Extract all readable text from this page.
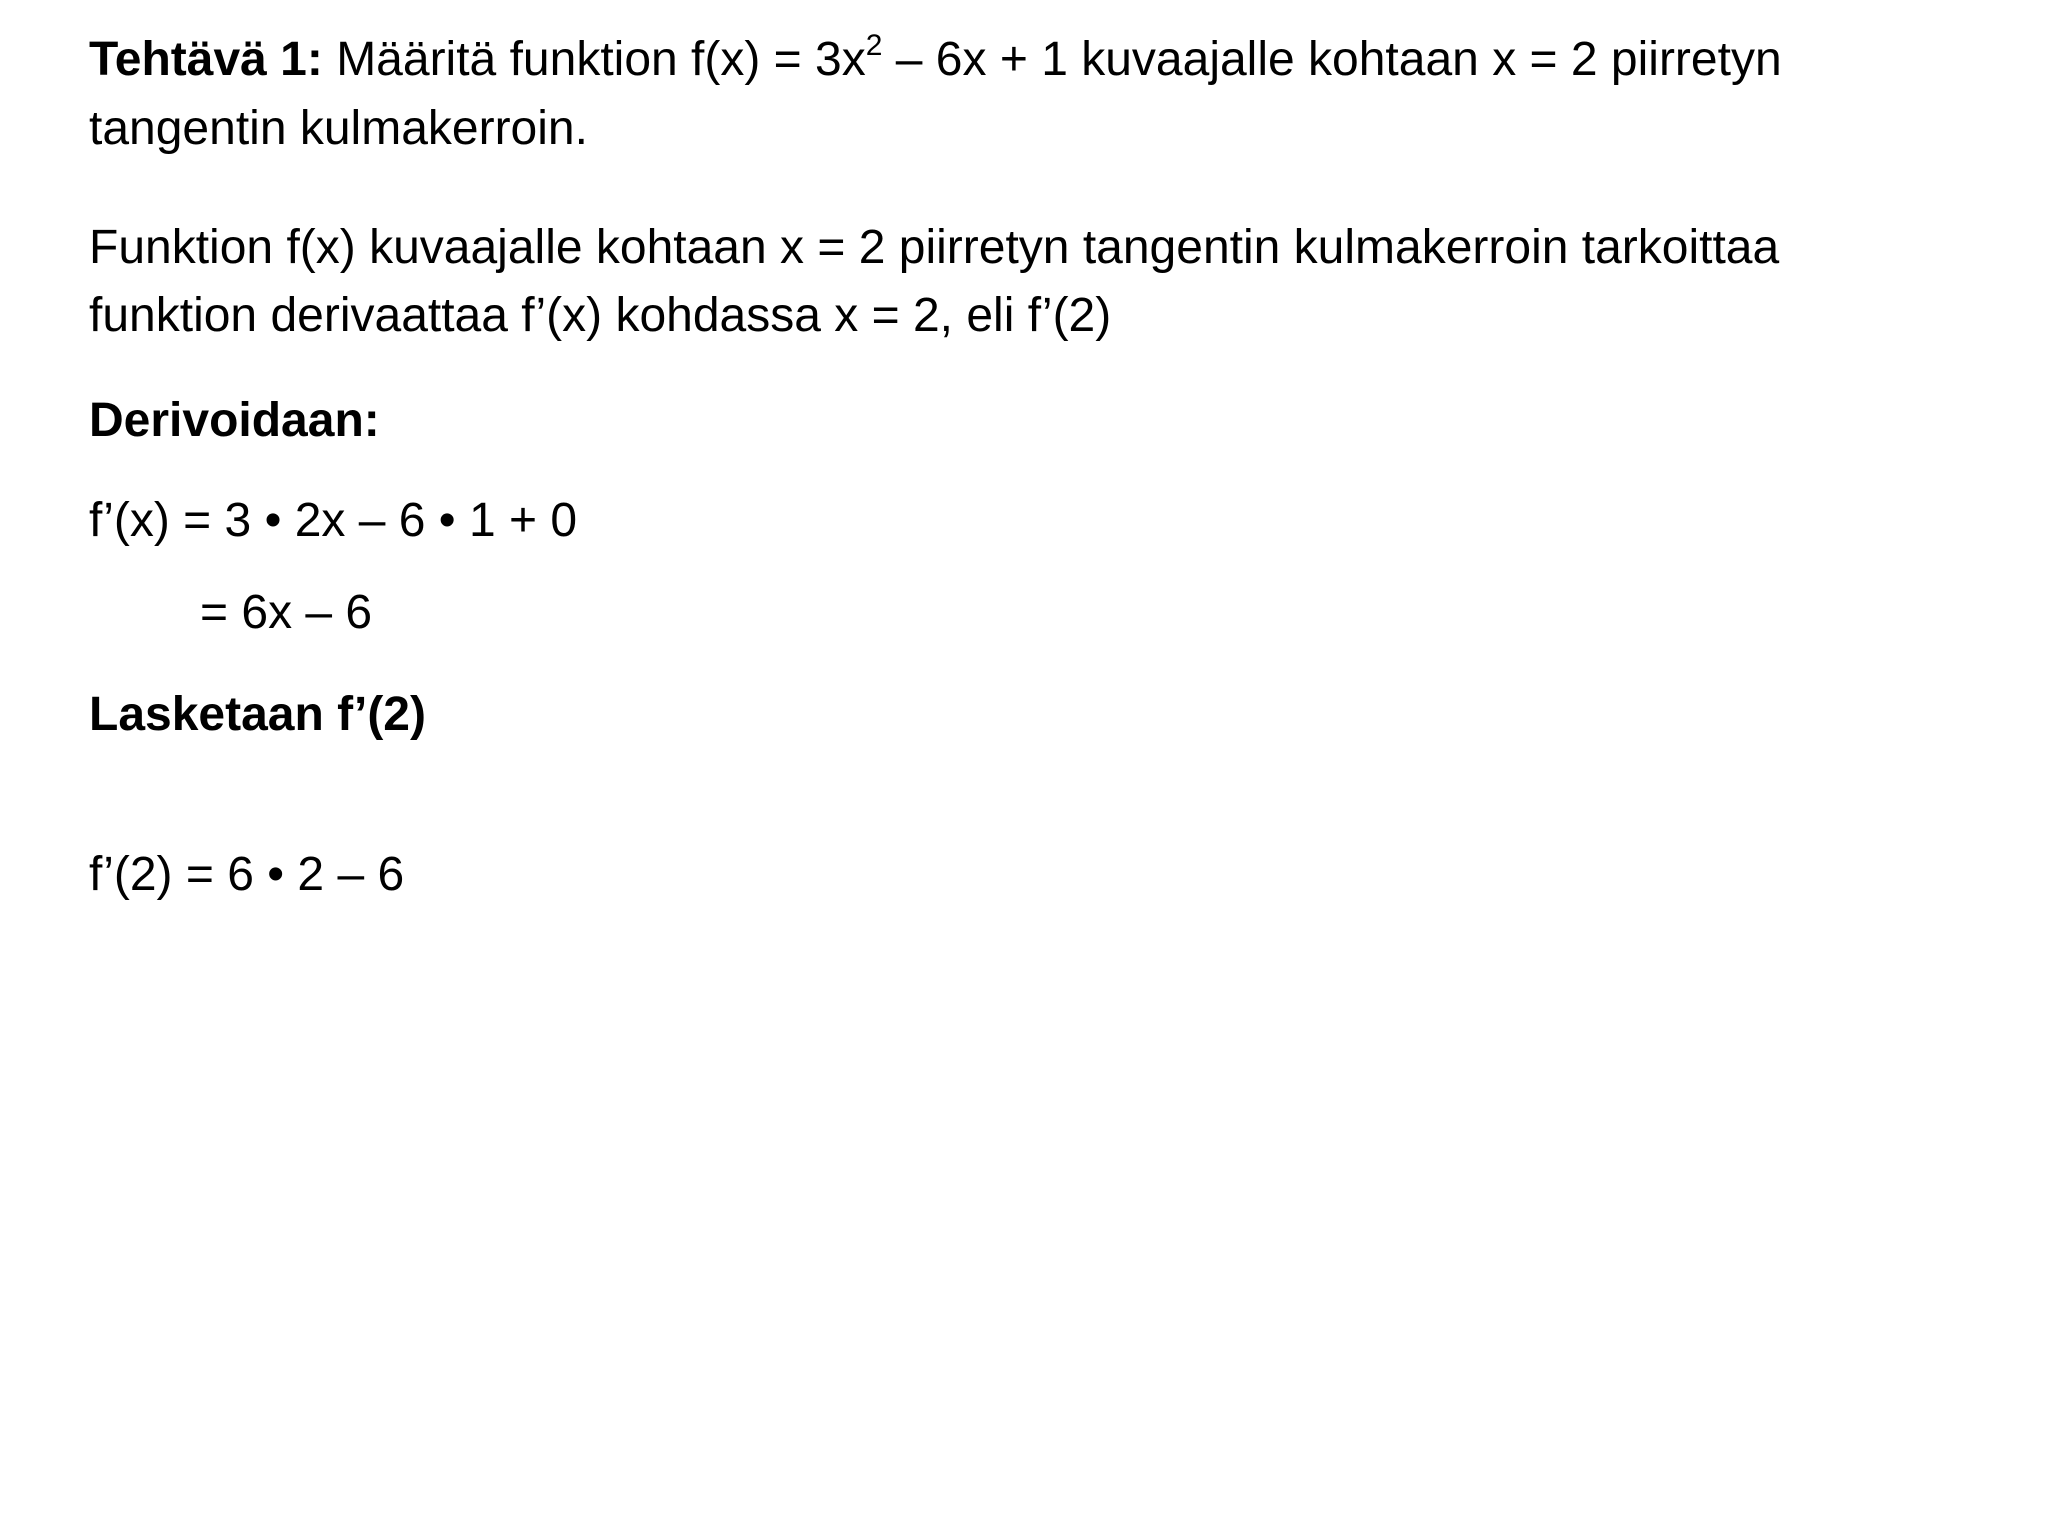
Tehtävä 1: Määritä funktion $f(x) = 3x^2 - 6x + 1$ kuvaajalle kohtaan x = 2 piirretyn
tangentin kulmakerroin.
Funktion f(x) kuvaajalle kohtaan x = 2 piirretyn tangentin kulmakerroin tarkoittaa
funktion derivaattaa f’(x) kohdassa x = 2, eli f’(2)
Derivoidaan:
f’(x) = 3 • 2x – 6 • 1 + 0
= 6x – 6
Lasketaan f’(2)
f’(2) = 6 • 2 – 6
